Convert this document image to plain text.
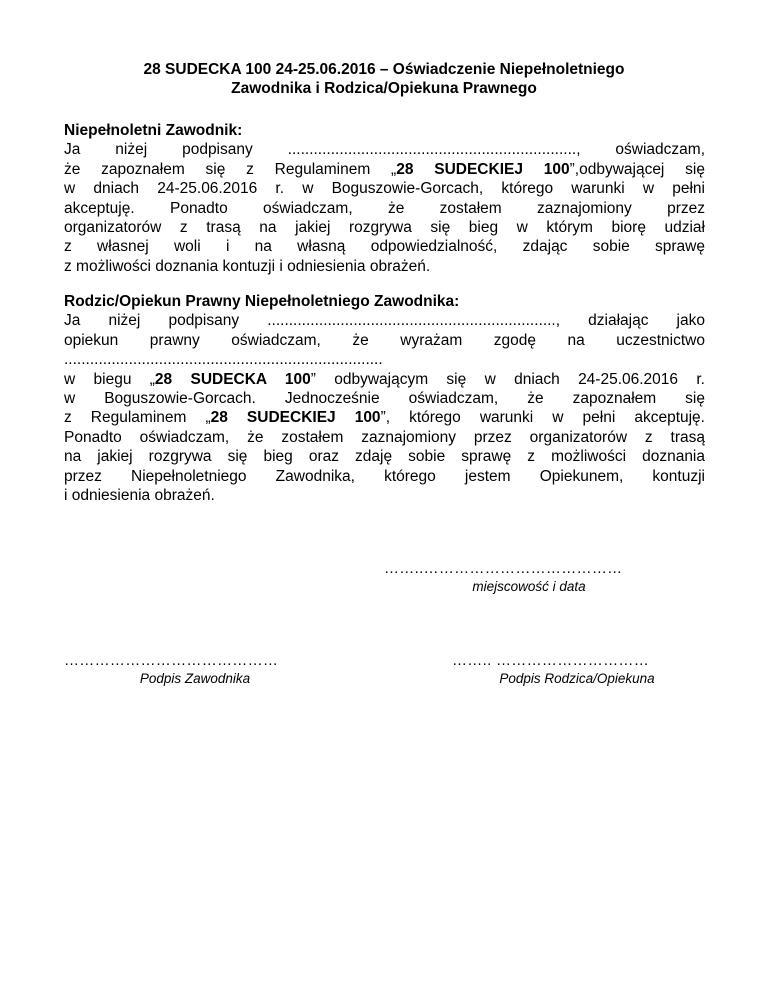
28 SUDECKA 100 24-25.06.2016 – Oświadczenie Niepełnoletniego
Zawodnika i Rodzica/Opiekuna Prawnego
Niepełnoletni Zawodnik:
Ja niżej podpisany ..................................................................., oświadczam,
że zapoznałem się z Regulaminem „28 SUDECKIEJ 100”,odbywającej się
w dniach 24-25.06.2016 r. w Boguszowie-Gorcach, którego warunki w pełni
akceptuję. Ponadto oświadczam, że zostałem zaznajomiony przez
organizatorów z trasą na jakiej rozgrywa się bieg w którym biorę udział
z własnej woli i na własną odpowiedzialność, zdając sobie sprawę
z możliwości doznania kontuzji i odniesienia obrażeń.
Rodzic/Opiekun Prawny Niepełnoletniego Zawodnika:
Ja niżej podpisany ..................................................................., działając jako
opiekun prawny oświadczam, że wyrażam zgodę na uczestnictwo
..........................................................................
w biegu „28 SUDECKA 100” odbywającym się w dniach 24-25.06.2016 r.
w Boguszowie-Gorcach. Jednocześnie oświadczam, że zapoznałem się
z Regulaminem „28 SUDECKIEJ 100”, którego warunki w pełni akceptuję.
Ponadto oświadczam, że zostałem zaznajomiony przez organizatorów z trasą
na jakiej rozgrywa się bieg oraz zdaję sobie sprawę z możliwości doznania
przez Niepełnoletniego Zawodnika, którego jestem Opiekunem, kontuzji
i odniesienia obrażeń.
……..…………………………………
miejscowość i data
……………………………………
Podpis Zawodnika
…….. …………………………
Podpis Rodzica/Opiekuna
